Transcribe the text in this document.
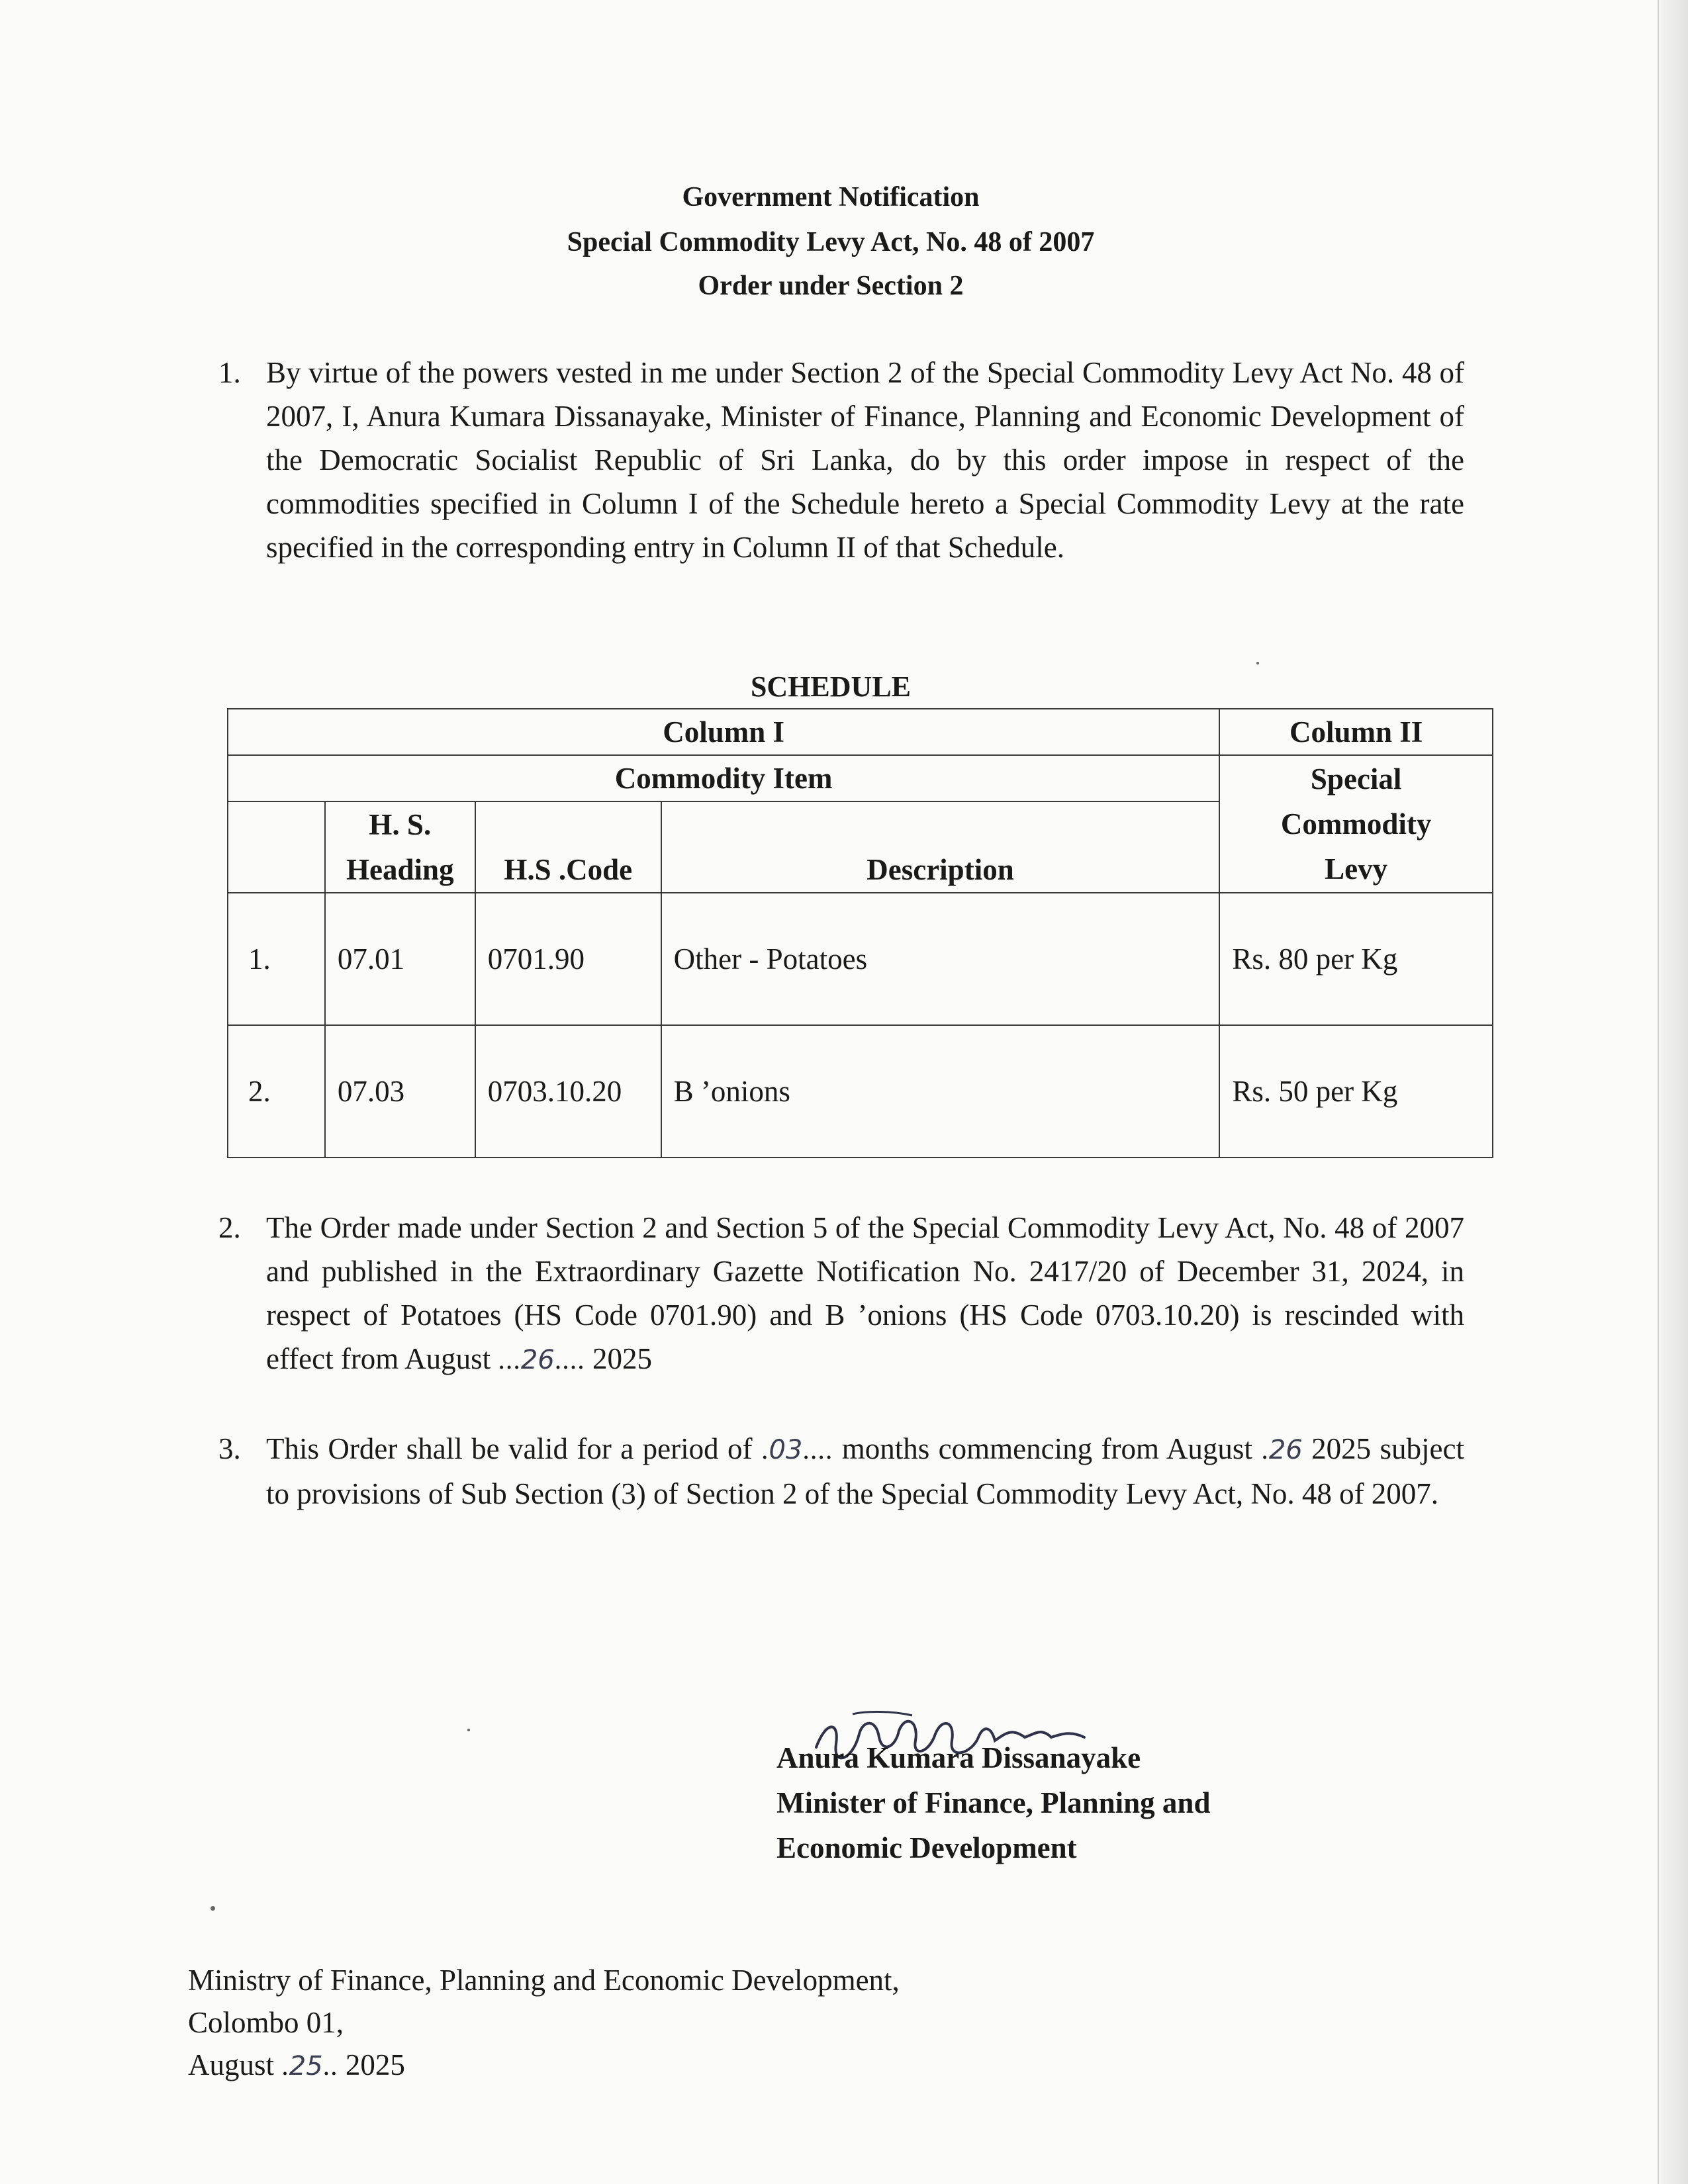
Government Notification
Special Commodity Levy Act, No. 48 of 2007
Order under Section 2
1. By virtue of the powers vested in me under Section 2 of the Special Commodity Levy Act No. 48 of 2007, I, Anura Kumara Dissanayake, Minister of Finance, Planning and Economic Development of the Democratic Socialist Republic of Sri Lanka, do by this order impose in respect of the commodities specified in Column I of the Schedule hereto a Special Commodity Levy at the rate specified in the corresponding entry in Column II of that Schedule.
SCHEDULE
Column I				Column II
Commodity Item				Special
Commodity
Levy

	H. S.
Heading	H.S .Code	Description	
1.	07.01	0701.90	Other - Potatoes	Rs. 80 per Kg
2.	07.03	0703.10.20	B ’onions	Rs. 50 per Kg
2. The Order made under Section 2 and Section 5 of the Special Commodity Levy Act, No. 48 of 2007 and published in the Extraordinary Gazette Notification No. 2417/20 of December 31, 2024, in respect of Potatoes (HS Code 0701.90) and B ’onions (HS Code 0703.10.20) is rescinded with effect from August ...26.... 2025
3. This Order shall be valid for a period of .03.... months commencing from August .26 2025 subject to provisions of Sub Section (3) of Section 2 of the Special Commodity Levy Act, No. 48 of 2007.
Anura Kumara Dissanayake
Minister of Finance, Planning and
Economic Development
Ministry of Finance, Planning and Economic Development,
Colombo 01,
August .25.. 2025
